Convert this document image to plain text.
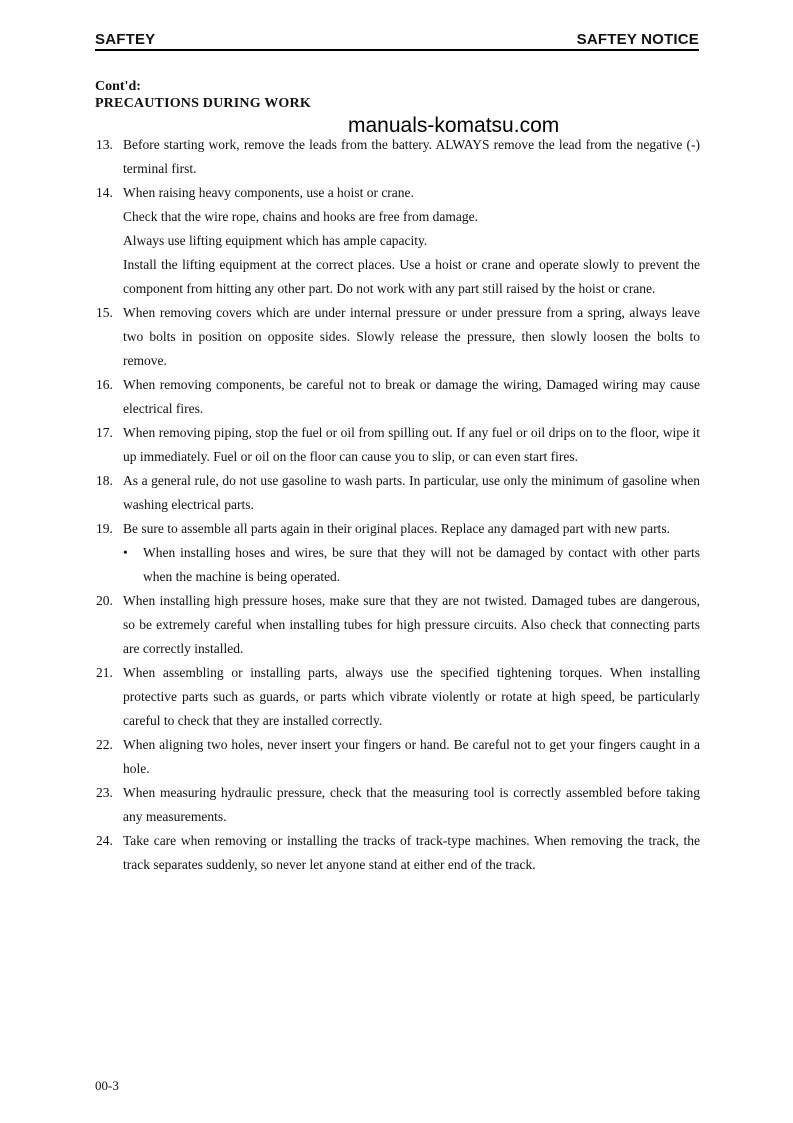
SAFTEY	SAFTEY NOTICE
Cont'd:
PRECAUTIONS DURING WORK
manuals-komatsu.com
13. Before starting work, remove the leads from the battery. ALWAYS remove the lead from the negative (-) terminal first.
14. When raising heavy components, use a hoist or crane.
Check that the wire rope, chains and hooks are free from damage.
Always use lifting equipment which has ample capacity.
Install the lifting equipment at the correct places. Use a hoist or crane and operate slowly to prevent the component from hitting any other part. Do not work with any part still raised by the hoist or crane.
15. When removing covers which are under internal pressure or under pressure from a spring, always leave two bolts in position on opposite sides. Slowly release the pressure, then slowly loosen the bolts to remove.
16. When removing components, be careful not to break or damage the wiring, Damaged wiring may cause electrical fires.
17. When removing piping, stop the fuel or oil from spilling out. If any fuel or oil drips on to the floor, wipe it up immediately. Fuel or oil on the floor can cause you to slip, or can even start fires.
18. As a general rule, do not use gasoline to wash parts. In particular, use only the minimum of gasoline when washing electrical parts.
19. Be sure to assemble all parts again in their original places. Replace any damaged part with new parts.
• When installing hoses and wires, be sure that they will not be damaged by contact with other parts when the machine is being operated.
20. When installing high pressure hoses, make sure that they are not twisted. Damaged tubes are dangerous, so be extremely careful when installing tubes for high pressure circuits. Also check that connecting parts are correctly installed.
21. When assembling or installing parts, always use the specified tightening torques. When installing protective parts such as guards, or parts which vibrate violently or rotate at high speed, be particularly careful to check that they are installed correctly.
22. When aligning two holes, never insert your fingers or hand. Be careful not to get your fingers caught in a hole.
23. When measuring hydraulic pressure, check that the measuring tool is correctly assembled before taking any measurements.
24. Take care when removing or installing the tracks of track-type machines. When removing the track, the track separates suddenly, so never let anyone stand at either end of the track.
00-3
